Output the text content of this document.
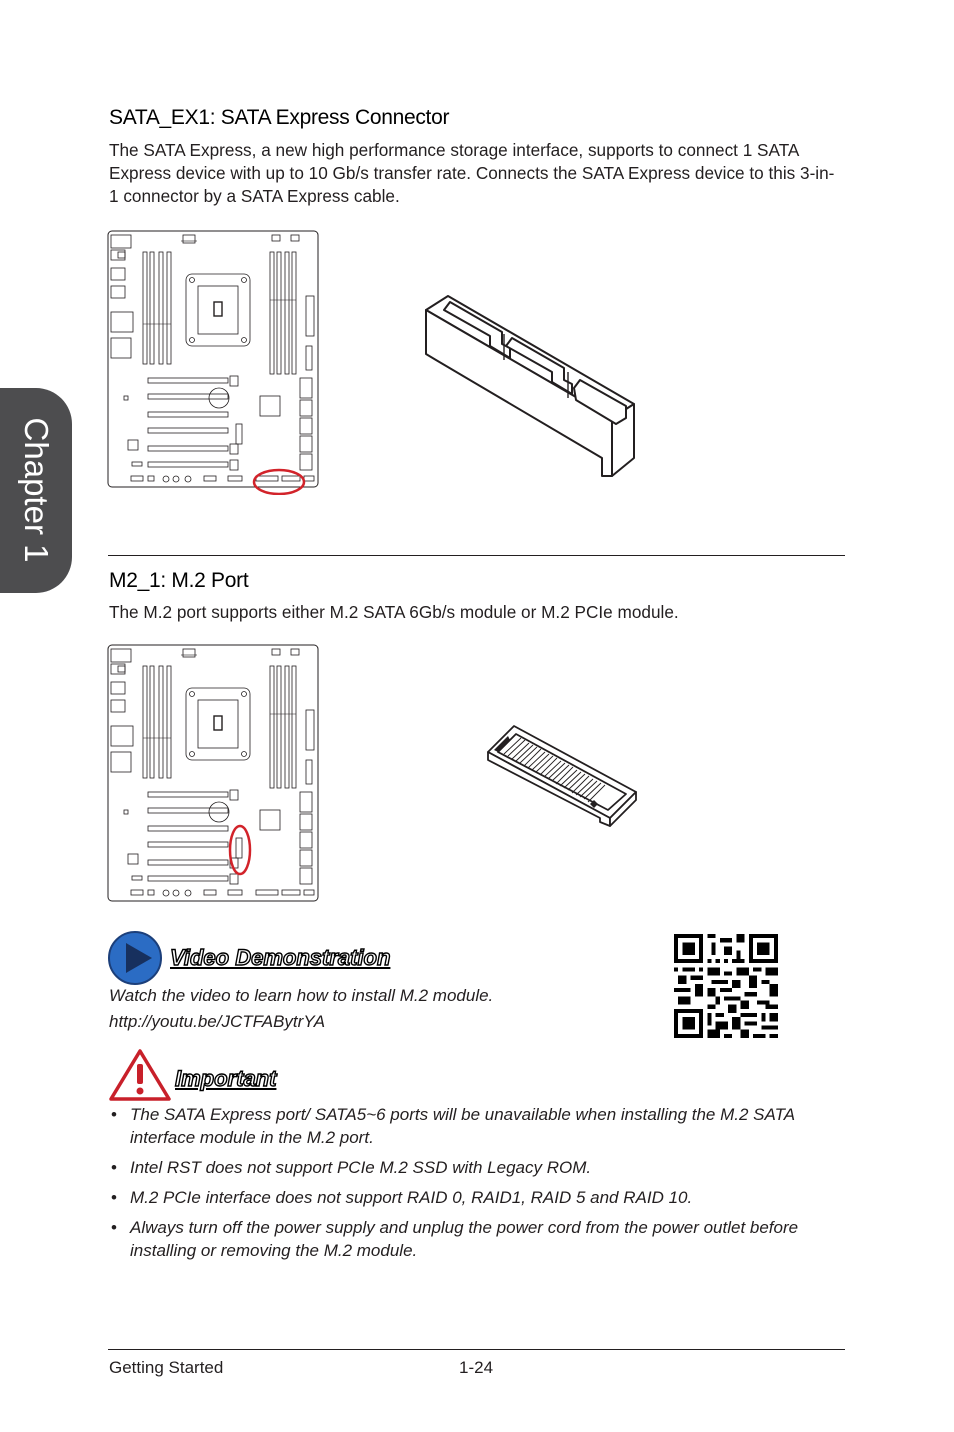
Chapter 1
SATA_EX1: SATA Express Connector

The SATA Express, a new high performance storage interface, supports to connect 1 SATA Express device with up to 10 Gb/s transfer rate. Connects the SATA Express device to this 3-in-1 connector by a SATA Express cable.

M2_1: M.2 Port

The M.2 port supports either M.2 SATA 6Gb/s module or M.2 PCIe module.

Video Demonstration

Watch the video to learn how to install M.2 module.

http://youtu.be/JCTFABytrYA

Important

• The SATA Express port/ SATA5~6 ports will be unavailable when installing the M.2 SATA interface module in the M.2 port.
• Intel RST does not support PCIe M.2 SSD with Legacy ROM.
• M.2 PCIe interface does not support RAID 0, RAID1, RAID 5 and RAID 10.
• Always turn off the power supply and unplug the power cord from the power outlet before installing or removing the M.2 module.

Getting Started	1-24
